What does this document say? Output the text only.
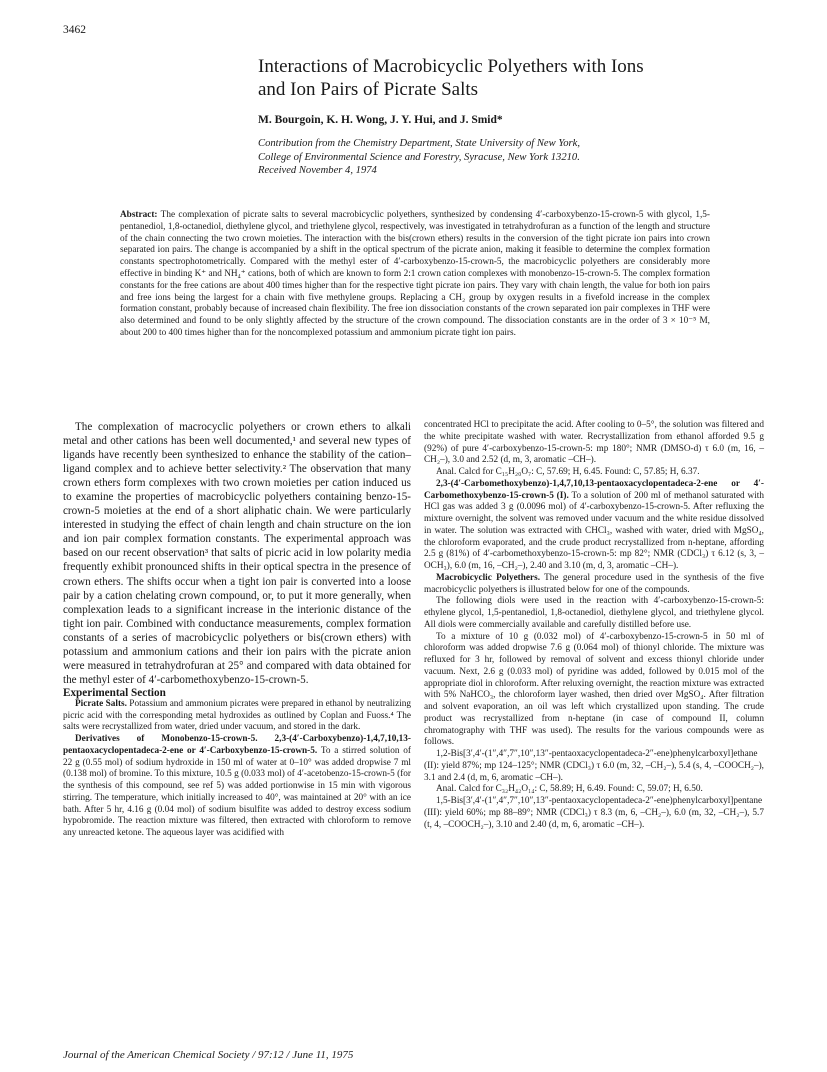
3462
Interactions of Macrobicyclic Polyethers with Ions
and Ion Pairs of Picrate Salts
M. Bourgoin, K. H. Wong, J. Y. Hui, and J. Smid*
Contribution from the Chemistry Department, State University of New York,
College of Environmental Science and Forestry, Syracuse, New York 13210.
Received November 4, 1974
Abstract: The complexation of picrate salts to several macrobicyclic polyethers, synthesized by condensing 4′-carboxybenzo-15-crown-5 with glycol, 1,5-pentanediol, 1,8-octanediol, diethylene glycol, and triethylene glycol, respectively, was investigated in tetrahydrofuran as a function of the length and structure of the chain connecting the two crown moieties. The interaction with the bis(crown ethers) results in the conversion of the tight picrate ion pairs into crown separated ion pairs. The change is accompanied by a shift in the optical spectrum of the picrate anion, making it feasible to determine the complex formation constants spectrophotometrically. Compared with the methyl ester of 4′-carboxybenzo-15-crown-5, the macrobicyclic polyethers are considerably more effective in binding K⁺ and NH₄⁺ cations, both of which are known to form 2:1 crown cation complexes with monobenzo-15-crown-5. The complex formation constants for the free cations are about 400 times higher than for the respective tight picrate ion pairs. They vary with chain length, the value for both ion pairs and free ions being the largest for a chain with five methylene groups. Replacing a CH₂ group by oxygen results in a fivefold increase in the complex formation constant, probably because of increased chain flexibility. The free ion dissociation constants of the crown separated ion pair complexes in THF were also determined and found to be only slightly affected by the structure of the crown compound. The dissociation constants are in the order of 3 × 10⁻⁵ M, about 200 to 400 times higher than for the noncomplexed potassium and ammonium picrate tight ion pairs.

The complexation of macrocyclic polyethers or crown ethers to alkali metal and other cations has been well documented,¹ and several new types of ligands have recently been synthesized to enhance the stability of the cation–ligand complex and to achieve better selectivity.² The observation that many crown ethers form complexes with two crown moieties per cation induced us to examine the properties of macrobicyclic polyethers containing benzo-15-crown-5 moieties at the end of a short aliphatic chain. We were particularly interested in studying the effect of chain length and chain structure on the ion and ion pair complex formation constants. The experimental approach was based on our recent observation³ that salts of picric acid in low polarity media frequently exhibit pronounced shifts in their optical spectra in the presence of crown ethers. The shifts occur when a tight ion pair is converted into a loose pair by a cation chelating crown compound, or, to put it more generally, when complexation leads to a significant increase in the interionic distance of the tight ion pair. Combined with conductance measurements, complex formation constants of a series of macrobicyclic polyethers or bis(crown ethers) with potassium and ammonium cations and their ion pairs with the picrate anion were measured in tetrahydrofuran at 25° and compared with data obtained for the methyl ester of 4′-carbomethoxybenzo-15-crown-5.

Experimental Section

Picrate Salts. Potassium and ammonium picrates were prepared in ethanol by neutralizing picric acid with the corresponding metal hydroxides as outlined by Coplan and Fuoss.⁴ The salts were recrystallized from water, dried under vacuum, and stored in the dark.

Derivatives of Monobenzo-15-crown-5. 2,3-(4′-Carboxybenzo)-1,4,7,10,13-pentaoxacyclopentadeca-2-ene or 4′-Carboxybenzo-15-crown-5. To a stirred solution of 22 g (0.55 mol) of sodium hydroxide in 150 ml of water at 0–10° was added dropwise 7 ml (0.138 mol) of bromine. To this mixture, 10.5 g (0.033 mol) of 4′-acetobenzo-15-crown-5 (for the synthesis of this compound, see ref 5) was added portionwise in 15 min with vigorous stirring. The temperature, which initially increased to 40°, was maintained at 20° with an ice bath. After 5 hr, 4.16 g (0.04 mol) of sodium bisulfite was added to destroy excess sodium hypobromide. The reaction mixture was filtered, then extracted with chloroform to remove any unreacted ketone. The aqueous layer was acidified with

concentrated HCl to precipitate the acid. After cooling to 0–5°, the solution was filtered and the white precipitate washed with water. Recrystallization from ethanol afforded 9.5 g (92%) of pure 4′-carboxybenzo-15-crown-5: mp 180°; NMR (DMSO-d) τ 6.0 (m, 16, –CH₂–), 3.0 and 2.52 (d, m, 3, aromatic –CH–).

Anal. Calcd for C₁₅H₂₀O₇: C, 57.69; H, 6.45. Found: C, 57.85; H, 6.37.

2,3-(4′-Carbomethoxybenzo)-1,4,7,10,13-pentaoxacyclopentadeca-2-ene or 4′-Carbomethoxybenzo-15-crown-5 (I). To a solution of 200 ml of methanol saturated with HCl gas was added 3 g (0.0096 mol) of 4′-carboxybenzo-15-crown-5. After refluxing the mixture overnight, the solvent was removed under vacuum and the white residue dissolved in water. The solution was extracted with CHCl₃, washed with water, dried with MgSO₄, the chloroform evaporated, and the crude product recrystallized from n-heptane, affording 2.5 g (81%) of 4′-carbomethoxybenzo-15-crown-5: mp 82°; NMR (CDCl₃) τ 6.12 (s, 3, –OCH₃), 6.0 (m, 16, –CH₂–), 2.40 and 3.10 (m, d, 3, aromatic –CH–).

Macrobicyclic Polyethers. The general procedure used in the synthesis of the five macrobicyclic polyethers is illustrated below for one of the compounds.

The following diols were used in the reaction with 4′-carboxybenzo-15-crown-5: ethylene glycol, 1,5-pentanediol, 1,8-octanediol, diethylene glycol, and triethylene glycol. All diols were commercially available and carefully distilled before use.

To a mixture of 10 g (0.032 mol) of 4′-carboxybenzo-15-crown-5 in 50 ml of chloroform was added dropwise 7.6 g (0.064 mol) of thionyl chloride. The mixture was refluxed for 3 hr, followed by removal of solvent and excess thionyl chloride under vacuum. Next, 2.6 g (0.033 mol) of pyridine was added, followed by 0.015 mol of the appropriate diol in chloroform. After reluxing overnight, the reaction mixture was extracted with 5% NaHCO₃, the chloroform layer washed, then dried over MgSO₄. After filtration and solvent evaporation, an oil was left which crystallized upon standing. The crude product was recrystallized from n-heptane (in case of compound II, column chromatography with THF was used). The results for the various compounds were as follows.

1,2-Bis[3′,4′-(1″,4″,7″,10″,13″-pentaoxacyclopentadeca-2″-ene)phenylcarboxyl]ethane (II): yield 87%; mp 124–125°; NMR (CDCl₃) τ 6.0 (m, 32, –CH₂–), 5.4 (s, 4, –COOCH₂–), 3.1 and 2.4 (d, m, 6, aromatic –CH–).

Anal. Calcd for C₃₂H₄₂O₁₄: C, 58.89; H, 6.49. Found: C, 59.07; H, 6.50.

1,5-Bis[3′,4′-(1″,4″,7″,10″,13″-pentaoxacyclopentadeca-2″-ene)phenylcarboxyl]pentane (III): yield 60%; mp 88–89°; NMR (CDCl₃) τ 8.3 (m, 6, –CH₂–), 6.0 (m, 32, –CH₂–), 5.7 (t, 4, –COOCH₂–), 3.10 and 2.40 (d, m, 6, aromatic –CH–).

Journal of the American Chemical Society / 97:12 / June 11, 1975
